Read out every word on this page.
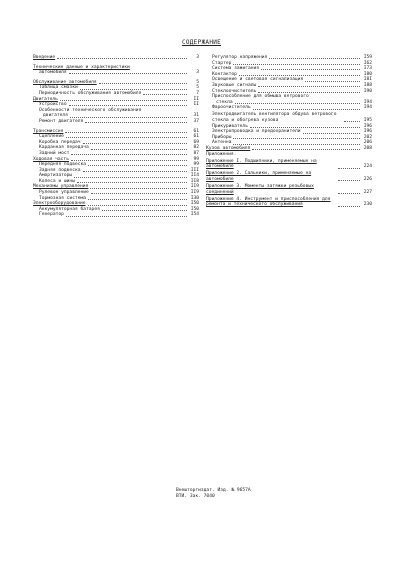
СОДЕРЖАНИЕ
Введение	3
Технические данные и характеристики
автомобиля	3
Обслуживание автомобиля	5
Таблица смазки	5
Периодичность обслуживания автомобиля	7
Двигатель	II
Устройство	II
Особенности технического обслуживания
двигателя	31
Ремонт двигателя	37
Трансмиссия	61
Сцепление	61
Коробка передач	69
Карданная передача	82
Задний мост	87
Ходовая часть	99
Передняя подвеска	99
Задняя подвеска	III
Амортизаторы	II4
Колеса и шины	II8
Механизмы управления	II9
Рулевое управление	II9
Тормозная система	I30
Электрооборудование	I50
Аккумуляторная батарея	I50
Генератор	I54
Регулятор напряжения	I59
Стартер	I62
Система зажигания	I73
Контактор	I80
Освещение и световая сигнализация	I8I
Звуковые сигналы	I88
Стеклоочиститель	I90
Приспособление для обмыва ветрового
стекла	I94
Фароочиститель	I94
Электродвигатель вентилятора обдува ветрового стекла и обогрева кузова	I95
Прикуриватель	I96
Электропроводка и предохранители	I96
Приборы	202
Антенна	206
Кузов автомобиля	208
Приложения.
Приложение I. Подшипники, применяемые на автомобиле	224
Приложение 2. Сальники, применяемые на автомобиле	226
Приложение 3. Моменты затяжки резьбовых соединений	227
Приложение 4. Инструмент и приспособления для ремонта и технического обслуживания	230
Внешторгиздат. Изд. № 9657А
ВТИ. Зак. 7040
